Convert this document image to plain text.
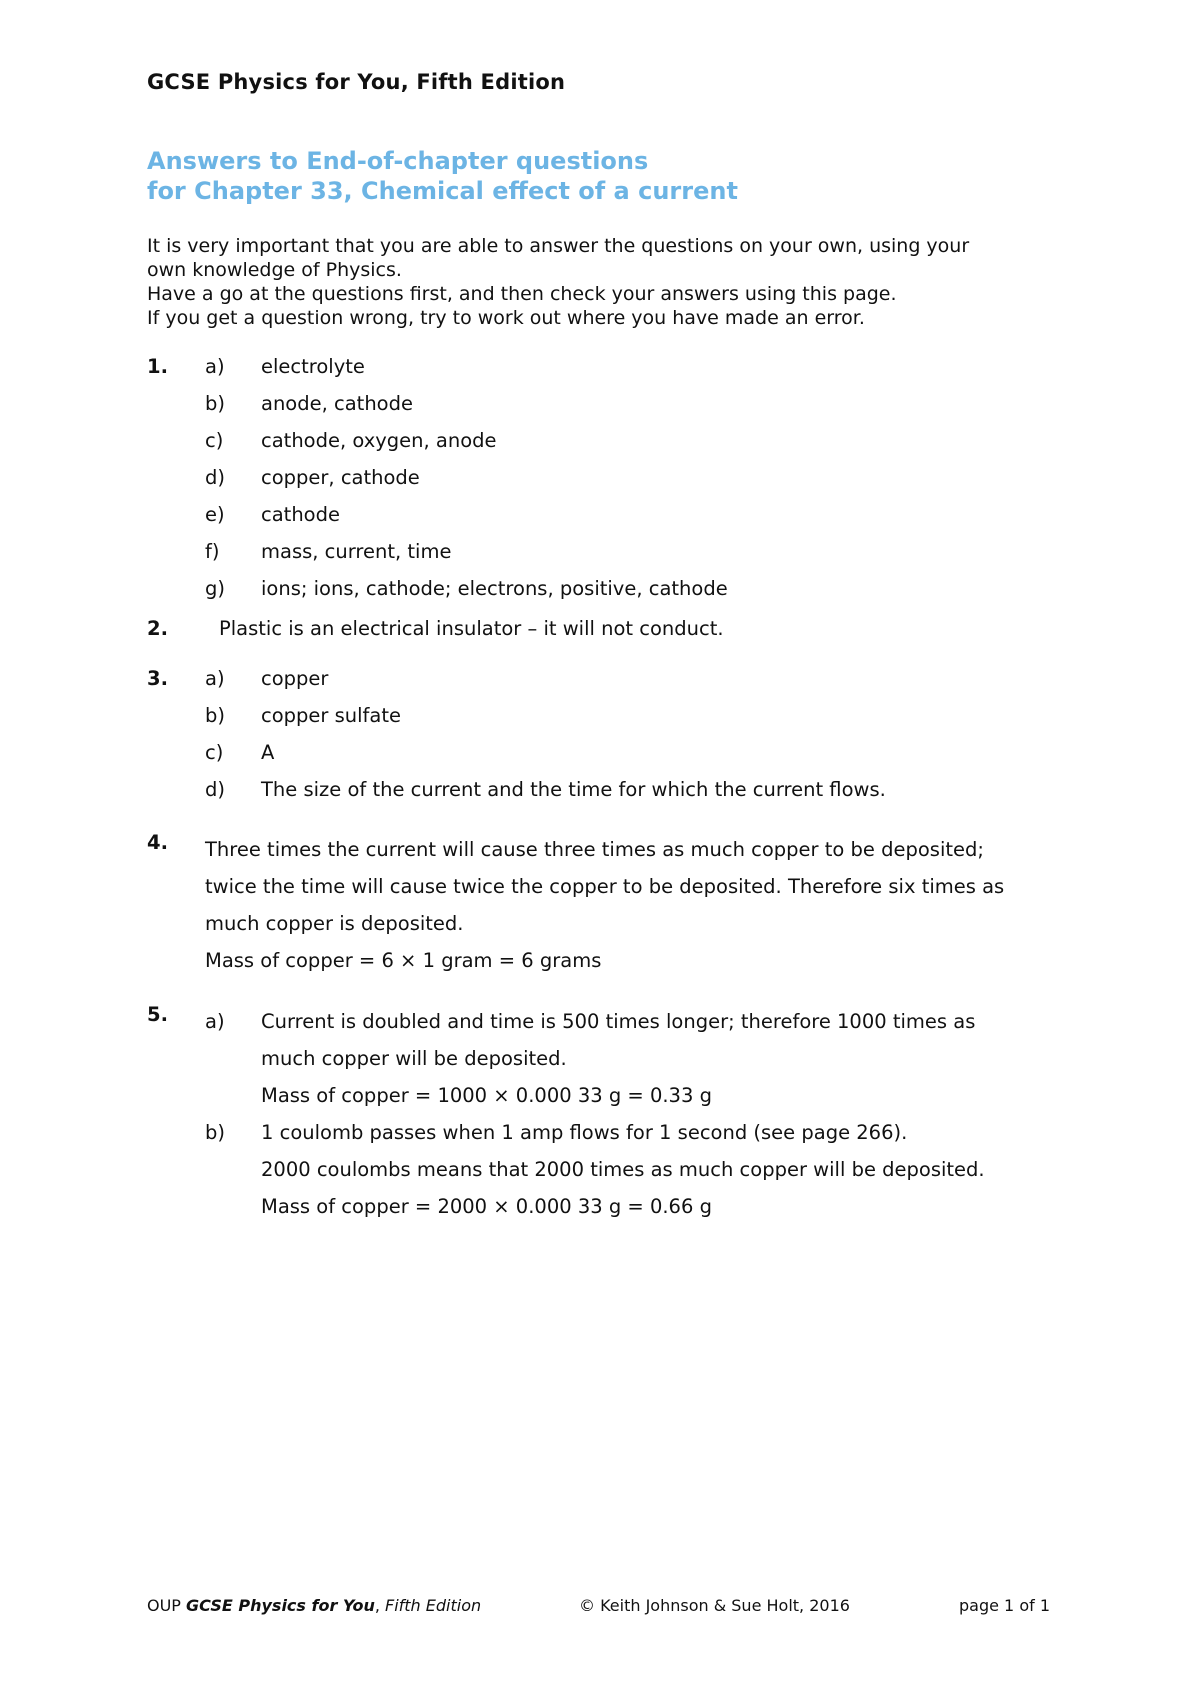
GCSE Physics for You, Fifth Edition
Answers to End-of-chapter questions
for Chapter 33, Chemical effect of a current
It is very important that you are able to answer the questions on your own, using your
own knowledge of Physics.
Have a go at the questions first, and then check your answers using this page.
If you get a question wrong, try to work out where you have made an error.
1. a) electrolyte
b) anode, cathode
c) cathode, oxygen, anode
d) copper, cathode
e) cathode
f) mass, current, time
g) ions; ions, cathode; electrons, positive, cathode
2.	Plastic is an electrical insulator – it will not conduct.
3. a) copper
b) copper sulfate
c) A
d) The size of the current and the time for which the current flows.
4. Three times the current will cause three times as much copper to be deposited;
twice the time will cause twice the copper to be deposited. Therefore six times as
much copper is deposited.
Mass of copper = 6 × 1 gram = 6 grams
5. a) Current is doubled and time is 500 times longer; therefore 1000 times as
much copper will be deposited.
Mass of copper = 1000 × 0.000 33 g = 0.33 g
b) 1 coulomb passes when 1 amp flows for 1 second (see page 266).
2000 coulombs means that 2000 times as much copper will be deposited.
Mass of copper = 2000 × 0.000 33 g = 0.66 g
OUP GCSE Physics for You, Fifth Edition	© Keith Johnson & Sue Holt, 2016	page 1 of 1
